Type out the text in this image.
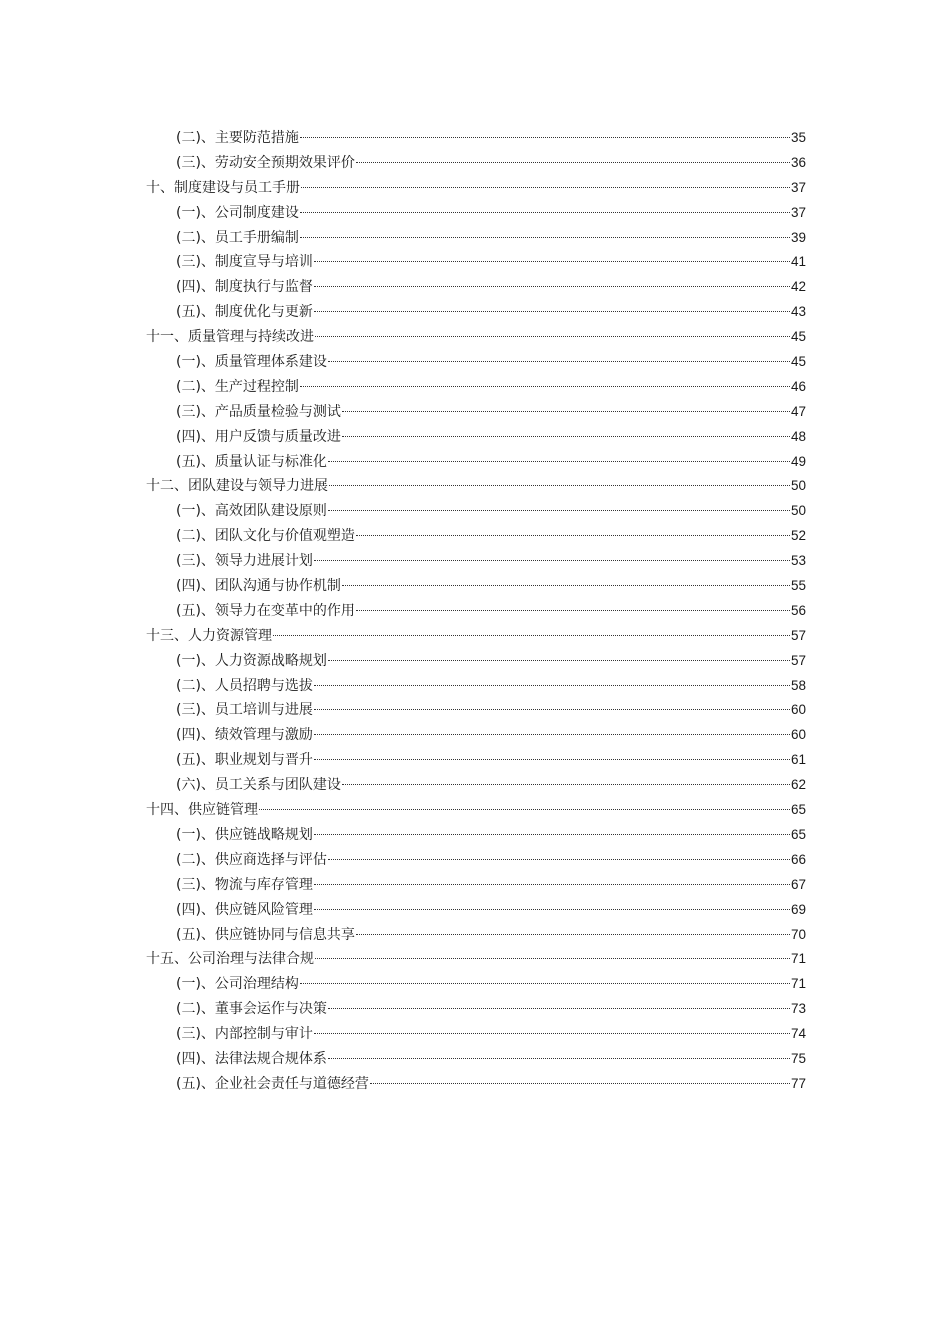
(二)、主要防范措施	35
(三)、劳动安全预期效果评价	36
十、制度建设与员工手册	37
(一)、公司制度建设	37
(二)、员工手册编制	39
(三)、制度宣导与培训	41
(四)、制度执行与监督	42
(五)、制度优化与更新	43
十一、质量管理与持续改进	45
(一)、质量管理体系建设	45
(二)、生产过程控制	46
(三)、产品质量检验与测试	47
(四)、用户反馈与质量改进	48
(五)、质量认证与标准化	49
十二、团队建设与领导力进展	50
(一)、高效团队建设原则	50
(二)、团队文化与价值观塑造	52
(三)、领导力进展计划	53
(四)、团队沟通与协作机制	55
(五)、领导力在变革中的作用	56
十三、人力资源管理	57
(一)、人力资源战略规划	57
(二)、人员招聘与选拔	58
(三)、员工培训与进展	60
(四)、绩效管理与激励	60
(五)、职业规划与晋升	61
(六)、员工关系与团队建设	62
十四、供应链管理	65
(一)、供应链战略规划	65
(二)、供应商选择与评估	66
(三)、物流与库存管理	67
(四)、供应链风险管理	69
(五)、供应链协同与信息共享	70
十五、公司治理与法律合规	71
(一)、公司治理结构	71
(二)、董事会运作与决策	73
(三)、内部控制与审计	74
(四)、法律法规合规体系	75
(五)、企业社会责任与道德经营	77
